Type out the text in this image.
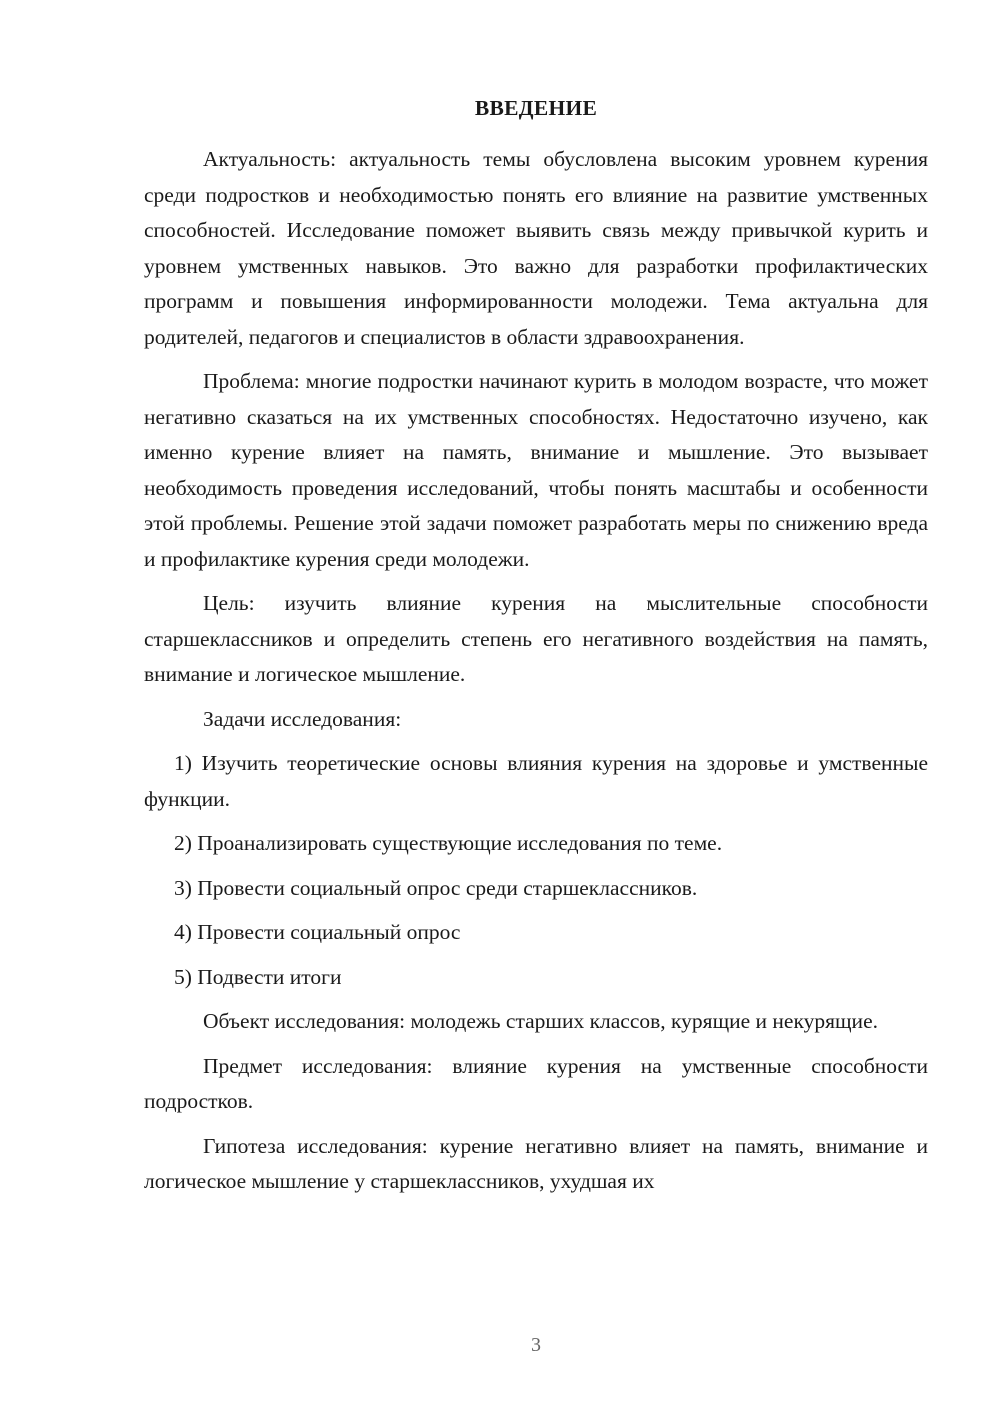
ВВЕДЕНИЕ

Актуальность: актуальность темы обусловлена высоким уровнем курения среди подростков и необходимостью понять его влияние на развитие умственных способностей. Исследование поможет выявить связь между привычкой курить и уровнем умственных навыков. Это важно для разработки профилактических программ и повышения информированности молодежи. Тема актуальна для родителей, педагогов и специалистов в области здравоохранения.

Проблема: многие подростки начинают курить в молодом возрасте, что может негативно сказаться на их умственных способностях. Недостаточно изучено, как именно курение влияет на память, внимание и мышление. Это вызывает необходимость проведения исследований, чтобы понять масштабы и особенности этой проблемы. Решение этой задачи поможет разработать меры по снижению вреда и профилактике курения среди молодежи.

Цель: изучить влияние курения на мыслительные способности старшеклассников и определить степень его негативного воздействия на память, внимание и логическое мышление.

Задачи исследования:

1) Изучить теоретические основы влияния курения на здоровье и умственные функции.

2) Проанализировать существующие исследования по теме.

3) Провести социальный опрос среди старшеклассников.

4) Провести социальный опрос

5) Подвести итоги

Объект исследования: молодежь старших классов, курящие и некурящие.

Предмет исследования: влияние курения на умственные способности подростков.

Гипотеза исследования: курение негативно влияет на память, внимание и логическое мышление у старшеклассников, ухудшая их

3
